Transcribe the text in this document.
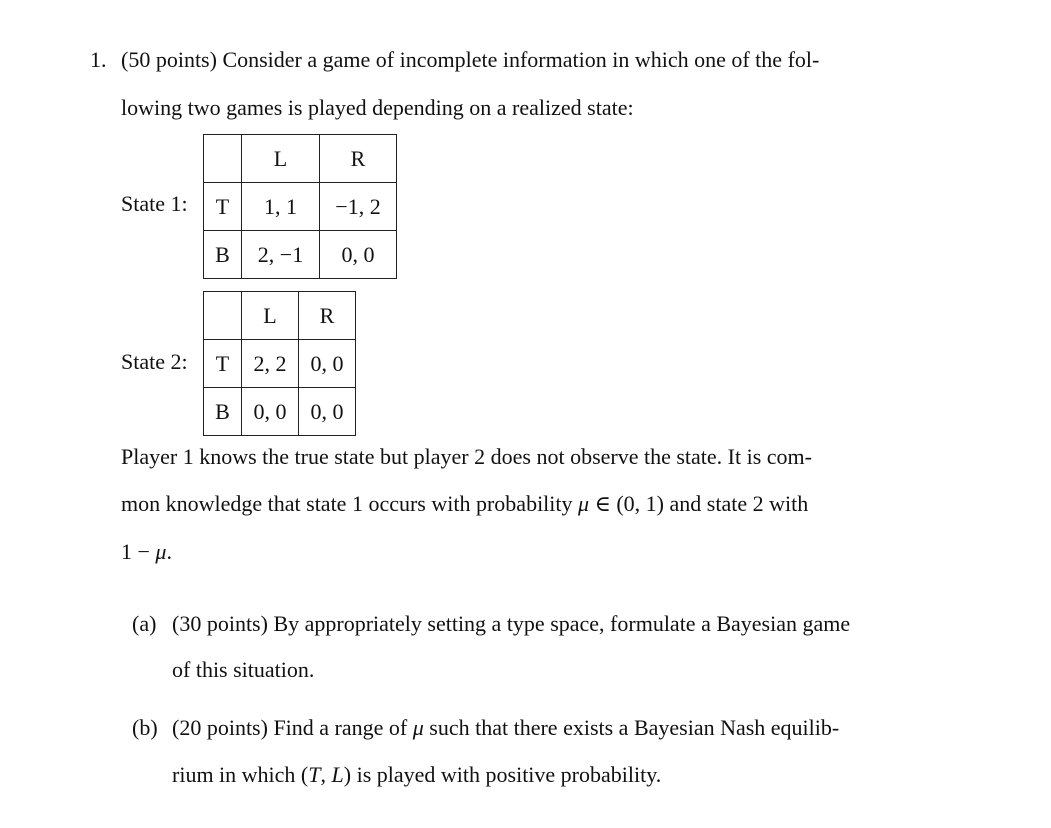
1. (50 points) Consider a game of incomplete information in which one of the fol-
lowing two games is played depending on a realized state:
State 1:
	L	R
T	1, 1	−1, 2
B	2, −1	0, 0
State 2:
	L	R
T	2, 2	0, 0
B	0, 0	0, 0
Player 1 knows the true state but player 2 does not observe the state. It is com-
mon knowledge that state 1 occurs with probability μ ∈ (0, 1) and state 2 with
1 − μ.
(a) (30 points) By appropriately setting a type space, formulate a Bayesian game
of this situation.
(b) (20 points) Find a range of μ such that there exists a Bayesian Nash equilib-
rium in which (T, L) is played with positive probability.
